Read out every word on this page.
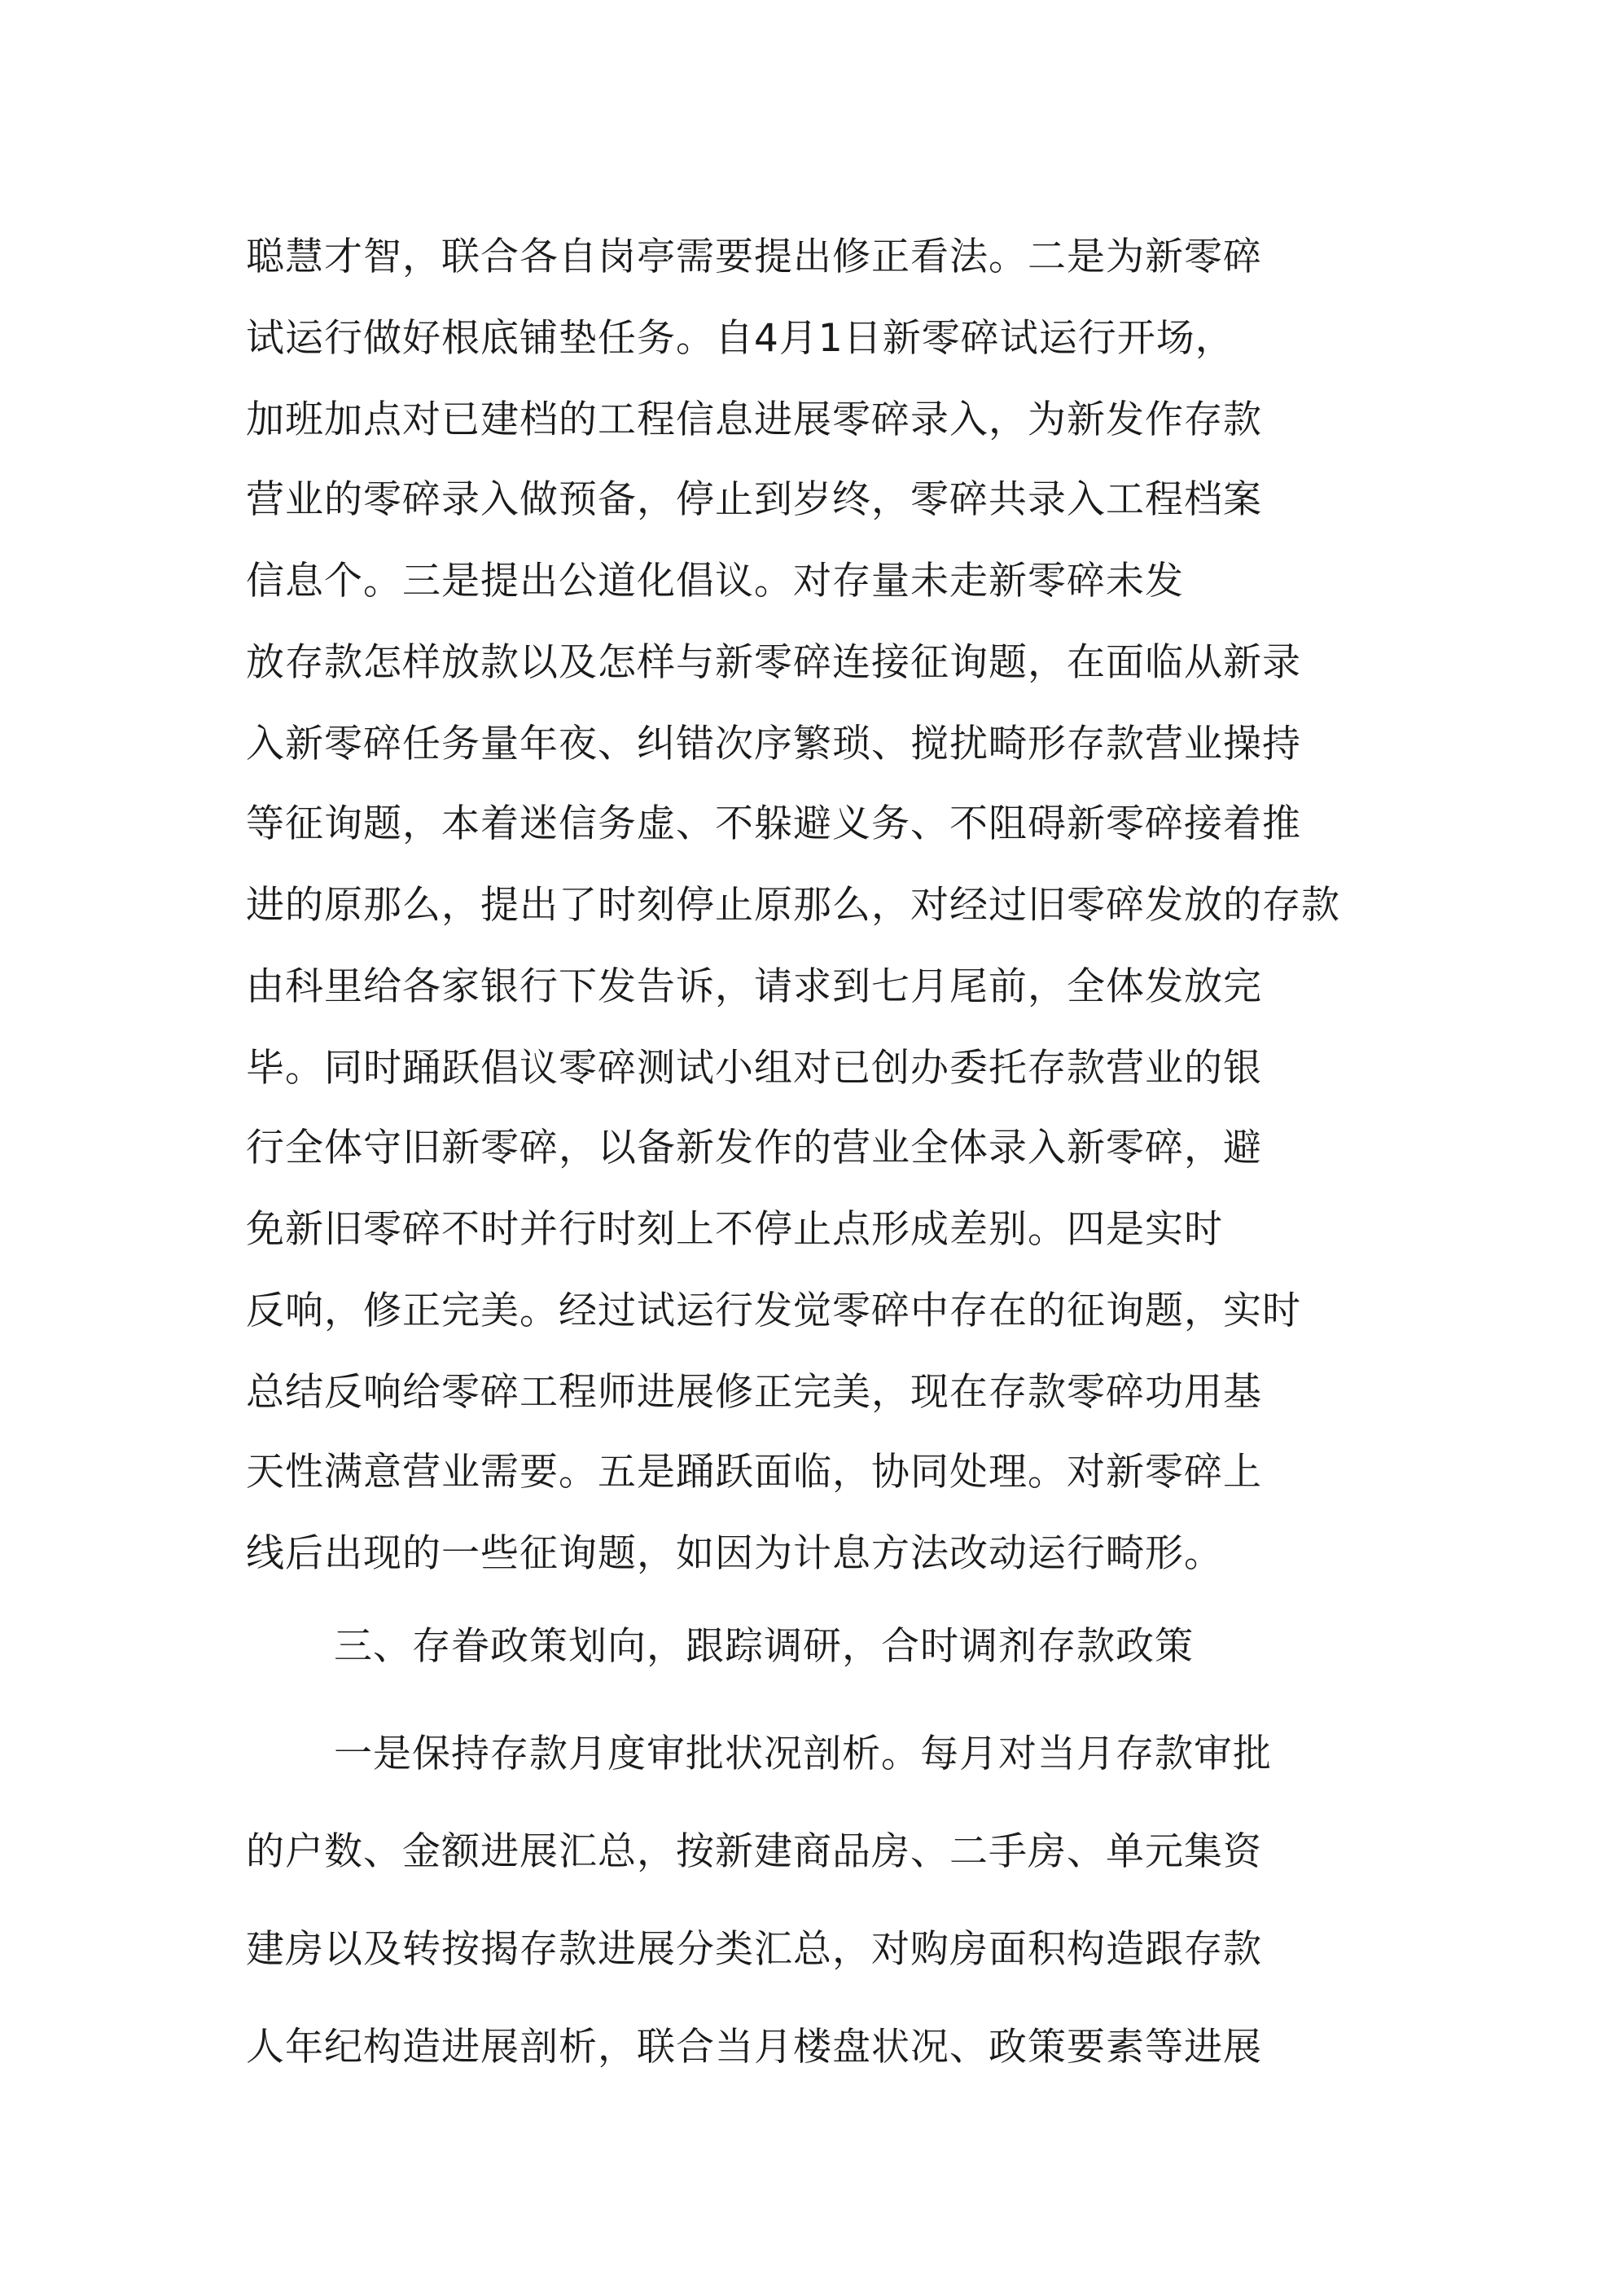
聪慧才智，联合各自岗亭需要提出修正看法。二是为新零碎
试运行做好根底铺垫任务。自4月1日新零碎试运行开场，
加班加点对已建档的工程信息进展零碎录入，为新发作存款
营业的零碎录入做预备，停止到岁终，零碎共录入工程档案
信息个。三是提出公道化倡议。对存量未走新零碎未发
放存款怎样放款以及怎样与新零碎连接征询题，在面临从新录
入新零碎任务量年夜、纠错次序繁琐、搅扰畸形存款营业操持
等征询题，本着迷信务虚、不躲避义务、不阻碍新零碎接着推
进的原那么，提出了时刻停止原那么，对经过旧零碎发放的存款
由科里给各家银行下发告诉，请求到七月尾前，全体发放完
毕。同时踊跃倡议零碎测试小组对已创办委托存款营业的银
行全体守旧新零碎，以备新发作的营业全体录入新零碎，避
免新旧零碎不时并行时刻上不停止点形成差别。四是实时
反响，修正完美。经过试运行发觉零碎中存在的征询题，实时
总结反响给零碎工程师进展修正完美，现在存款零碎功用基
天性满意营业需要。五是踊跃面临，协同处理。对新零碎上
线后出现的一些征询题，如因为计息方法改动运行畸形。
三、存眷政策划向，跟踪调研，合时调剂存款政策
一是保持存款月度审批状况剖析。每月对当月存款审批
的户数、金额进展汇总，按新建商品房、二手房、单元集资
建房以及转按揭存款进展分类汇总，对购房面积构造跟存款
人年纪构造进展剖析，联合当月楼盘状况、政策要素等进展
